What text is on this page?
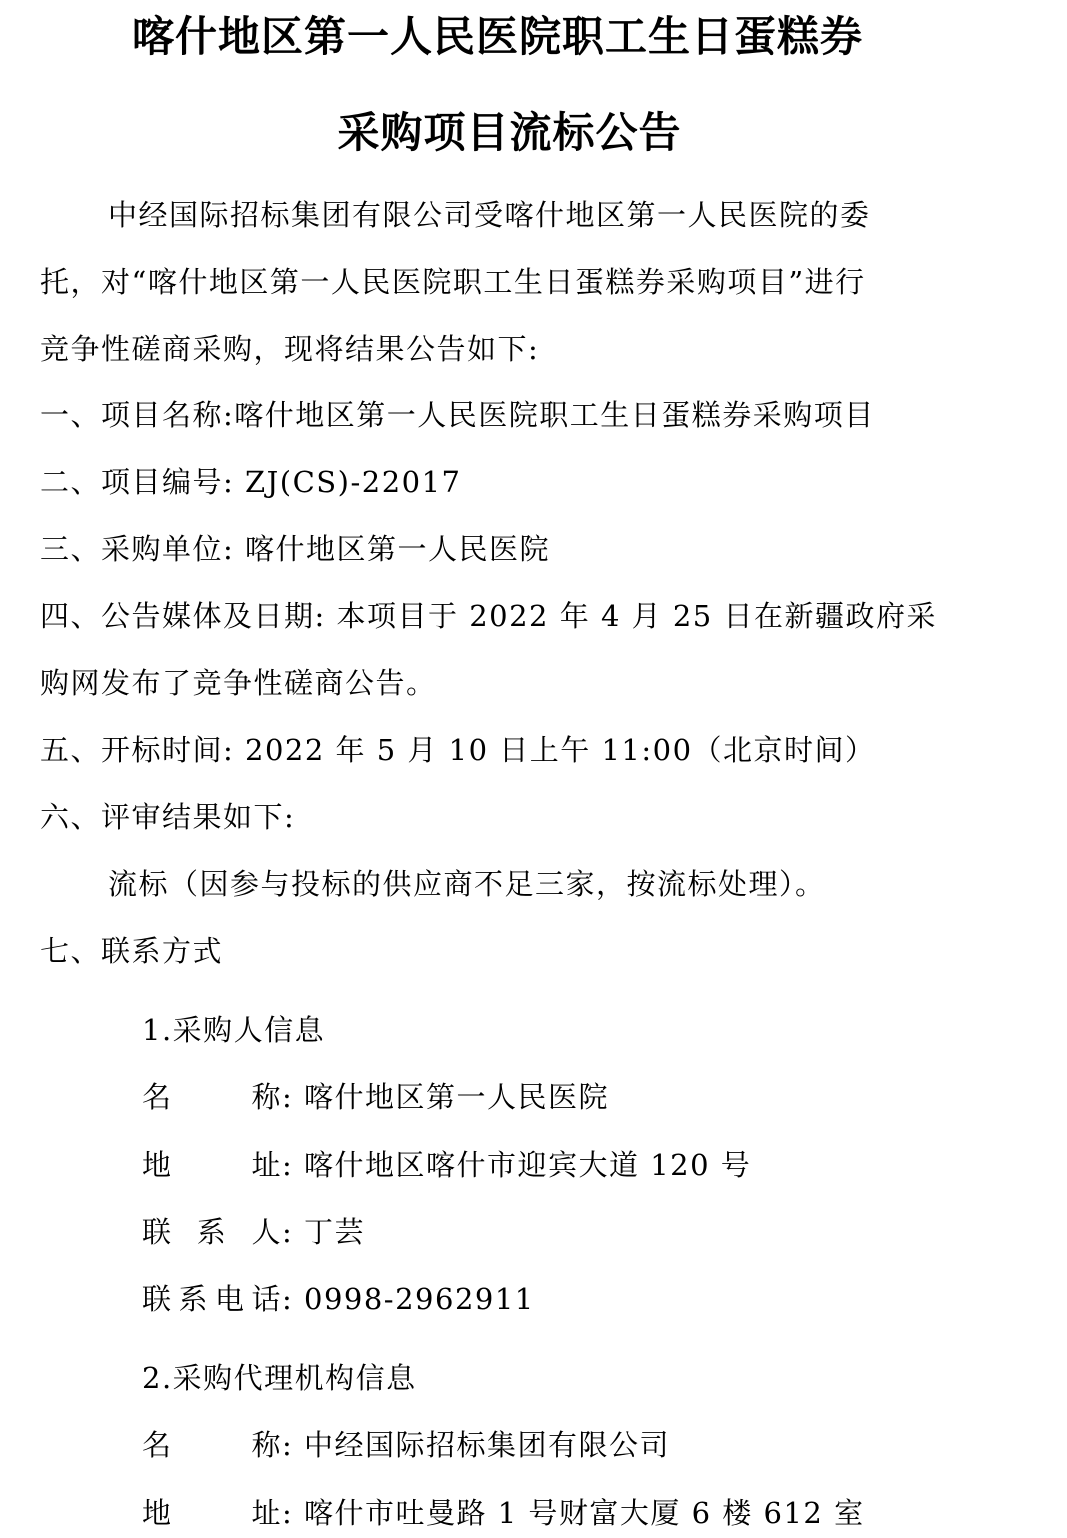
喀什地区第一人民医院职工生日蛋糕券
采购项目流标公告
中经国际招标集团有限公司受喀什地区第一人民医院的委
托，对“喀什地区第一人民医院职工生日蛋糕券采购项目”进行
竞争性磋商采购，现将结果公告如下:
一、项目名称:喀什地区第一人民医院职工生日蛋糕券采购项目
二、项目编号: ZJ(CS)-22017
三、采购单位: 喀什地区第一人民医院
四、公告媒体及日期: 本项目于 2022 年 4 月 25 日在新疆政府采
购网发布了竞争性磋商公告。
五、开标时间: 2022 年 5 月 10 日上午 11:00（北京时间）
六、评审结果如下:
流标（因参与投标的供应商不足三家，按流标处理）。
七、联系方式
1.采购人信息
名称: 喀什地区第一人民医院
地址: 喀什地区喀什市迎宾大道 120 号
联系人: 丁芸
联系电话: 0998-2962911
2.采购代理机构信息
名称: 中经国际招标集团有限公司
地址: 喀什市吐曼路 1 号财富大厦 6 楼 612 室
